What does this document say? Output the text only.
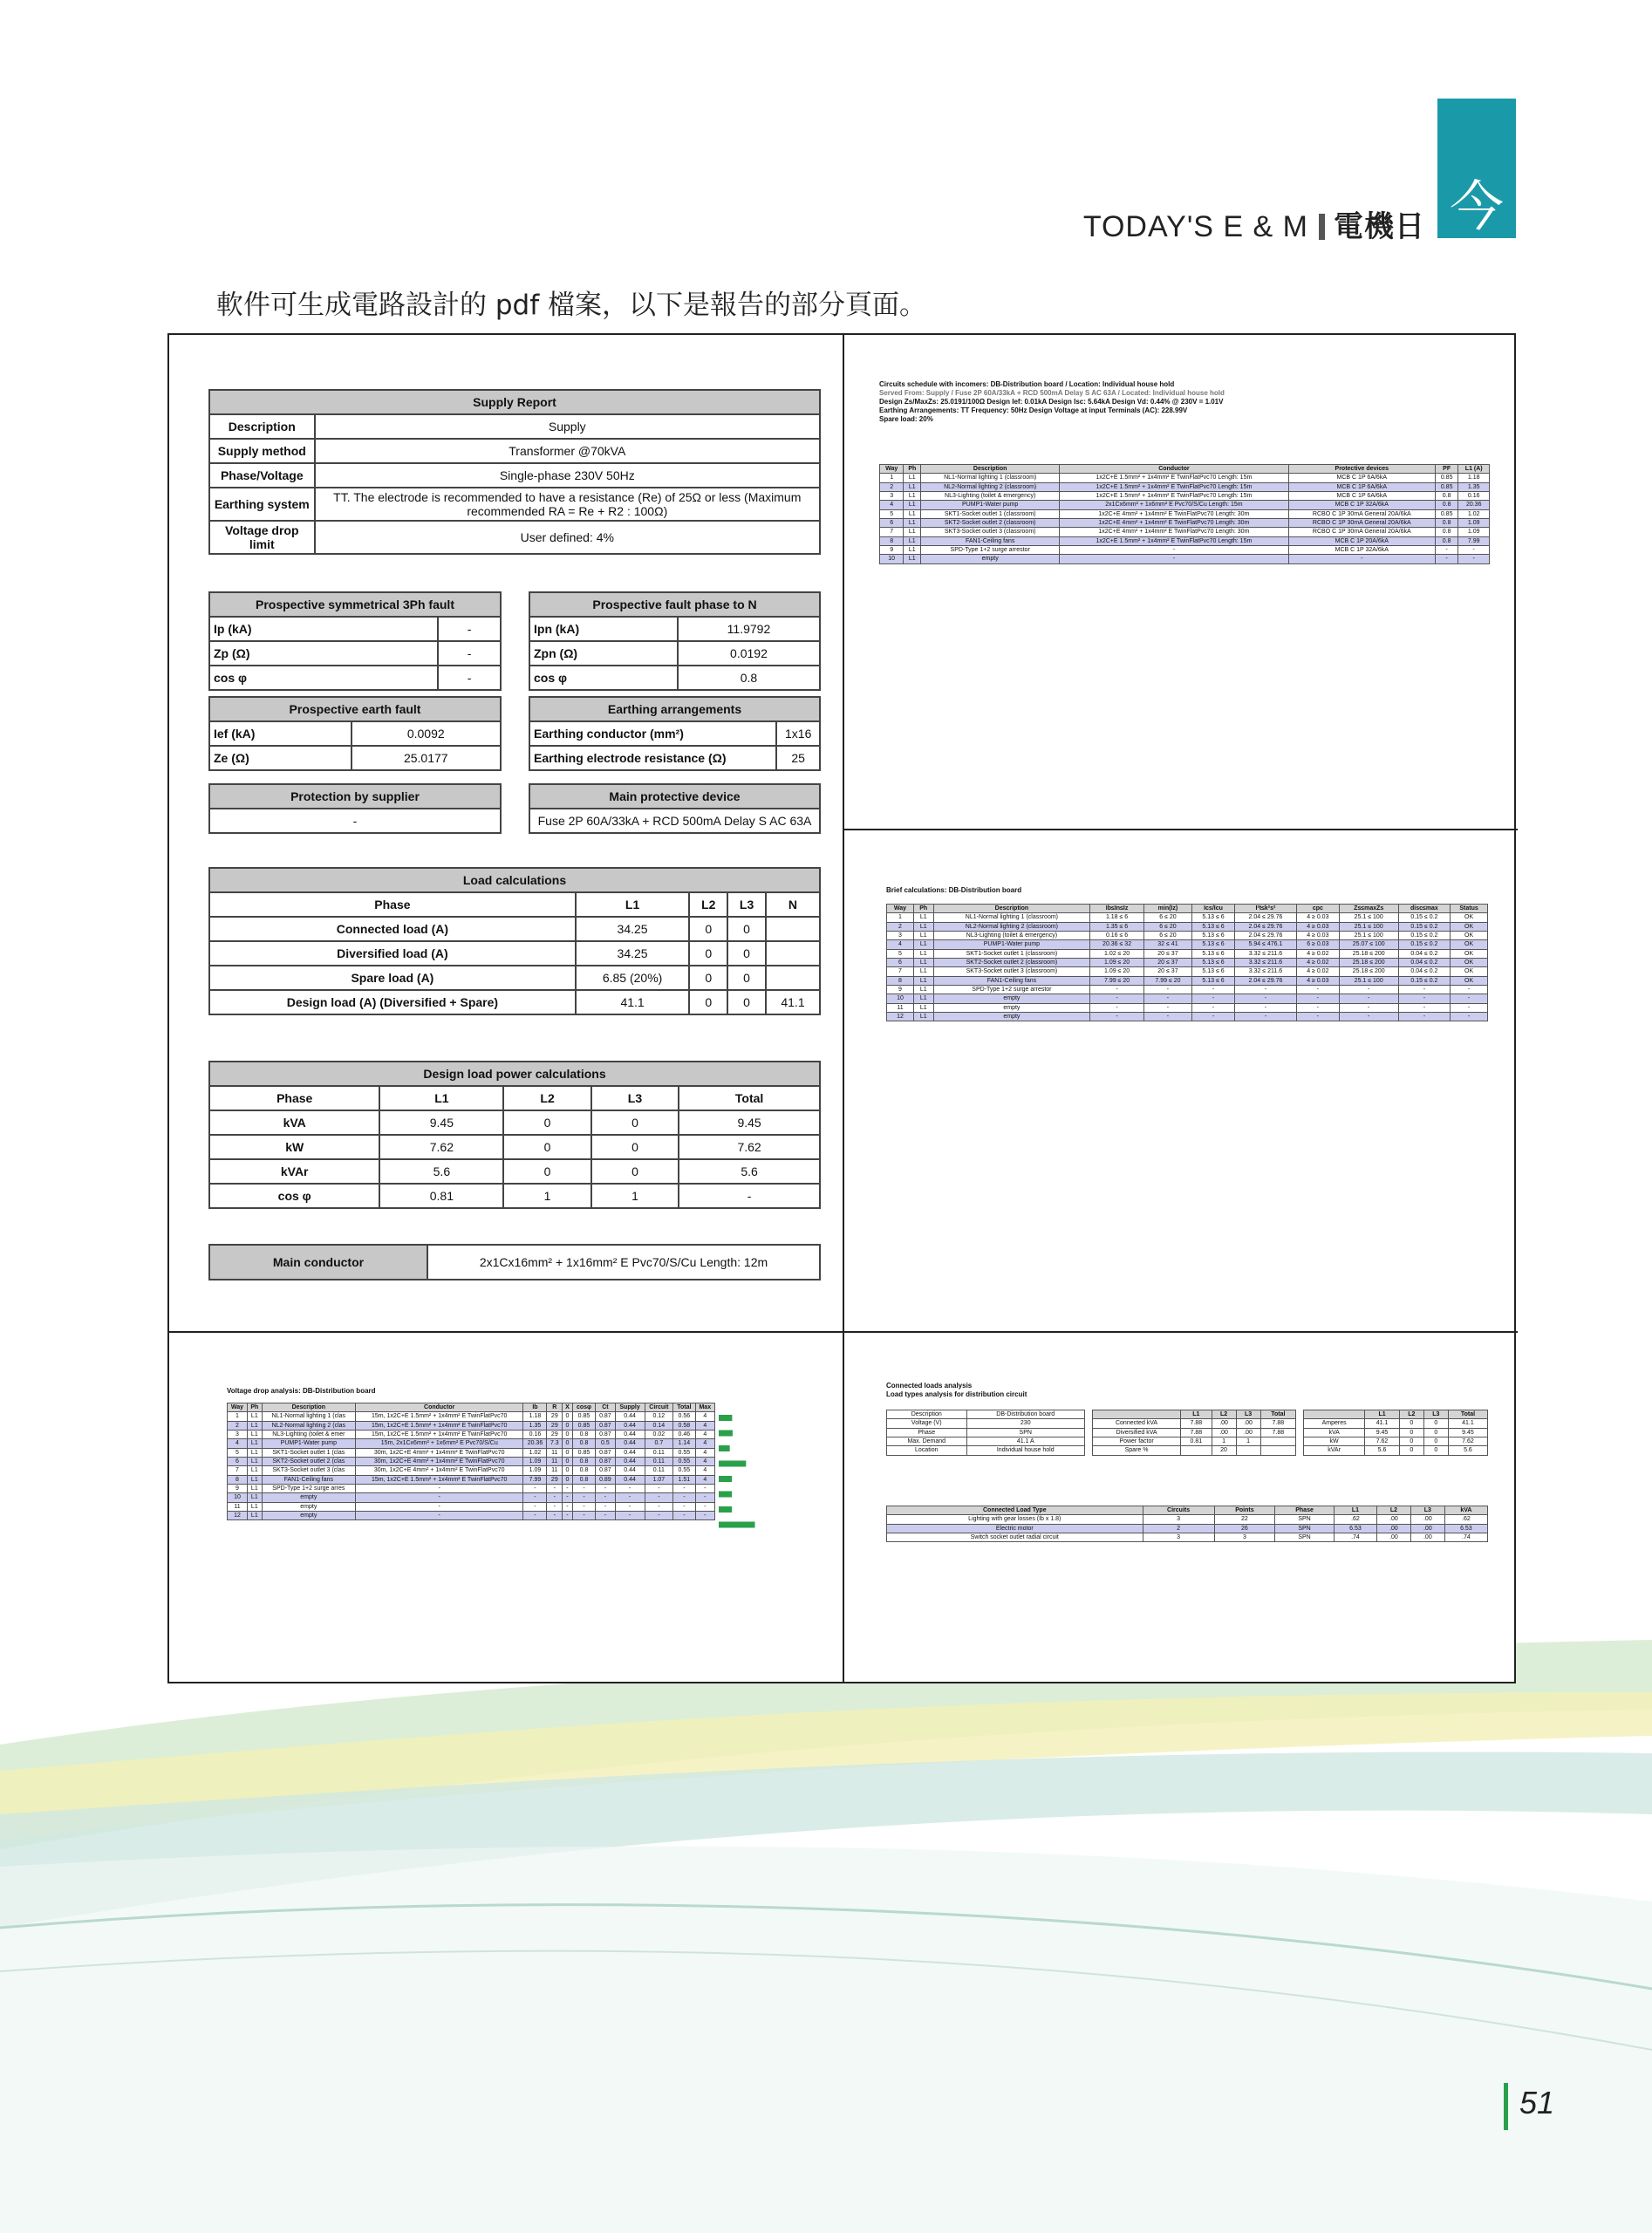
今
TODAY'S E & M 電機日
軟件可生成電路設計的 pdf 檔案，以下是報告的部分頁面。
Supply Report	
Description	Supply
Supply method	Transformer @70kVA
Phase/Voltage	Single-phase 230V 50Hz
Earthing system	TT. The electrode is recommended to have a resistance (Re) of 25Ω or less (Maximum recommended RA = Re + R2 : 100Ω)
Voltage drop limit	User defined: 4%
Prospective symmetrical 3Ph fault	
Ip (kA)	-
Zp (Ω)	-
cos φ	-
Prospective fault phase to N	
Ipn (kA)	11.9792
Zpn (Ω)	0.0192
cos φ	0.8
Prospective earth fault	
Ief (kA)	0.0092
Ze (Ω)	25.0177
Earthing arrangements	
Earthing conductor (mm²)	1x16
Earthing electrode resistance (Ω)	25
Protection by supplier
-
Main protective device
Fuse 2P 60A/33kA + RCD 500mA Delay S AC 63A
Load calculations				
Phase	L1	L2	L3	N
Connected load (A)	34.25	0	0	
Diversified load (A)	34.25	0	0	
Spare load (A)	6.85 (20%)	0	0	
Design load (A) (Diversified + Spare)	41.1	0	0	41.1
Design load power calculations				
Phase	L1	L2	L3	Total
kVA	9.45	0	0	9.45
kW	7.62	0	0	7.62
kVAr	5.6	0	0	5.6
cos φ	0.81	1	1	-
Main conductor	2x1Cx16mm² + 1x16mm² E Pvc70/S/Cu Length: 12m
Circuits schedule with incomers: DB-Distribution board / Location: Individual house hold
Served From: Supply / Fuse 2P 60A/33kA + RCD 500mA Delay S AC 63A / Located: Individual house hold
Design Zs/MaxZs: 25.0191/100Ω Design Ief: 0.01kA Design Isc: 5.64kA Design Vd: 0.44% @ 230V = 1.01V
Earthing Arrangements: TT Frequency: 50Hz Design Voltage at input Terminals (AC): 228.99V
Spare load: 20%
Way	Ph	Description	Conductor	Protective devices	PF	L1 (A)
1	L1	NL1-Normal lighting 1 (classroom)	1x2C+E 1.5mm² + 1x4mm² E TwinFlatPvc70 Length: 15m	MCB C 1P 6A/6kA	0.85	1.18
2	L1	NL2-Normal lighting 2 (classroom)	1x2C+E 1.5mm² + 1x4mm² E TwinFlatPvc70 Length: 15m	MCB C 1P 6A/6kA	0.85	1.35
3	L1	NL3-Lighting (toilet & emergency)	1x2C+E 1.5mm² + 1x4mm² E TwinFlatPvc70 Length: 15m	MCB C 1P 6A/6kA	0.8	0.16
4	L1	PUMP1-Water pump	2x1Cx6mm² + 1x6mm² E Pvc70/S/Cu Length: 15m	MCB C 1P 32A/6kA	0.8	20.36
5	L1	SKT1-Socket outlet 1 (classroom)	1x2C+E 4mm² + 1x4mm² E TwinFlatPvc70 Length: 30m	RCBO C 1P 30mA General 20A/6kA	0.85	1.02
6	L1	SKT2-Socket outlet 2 (classroom)	1x2C+E 4mm² + 1x4mm² E TwinFlatPvc70 Length: 30m	RCBO C 1P 30mA General 20A/6kA	0.8	1.09
7	L1	SKT3-Socket outlet 3 (classroom)	1x2C+E 4mm² + 1x4mm² E TwinFlatPvc70 Length: 30m	RCBO C 1P 30mA General 20A/6kA	0.8	1.09
8	L1	FAN1-Ceiling fans	1x2C+E 1.5mm² + 1x4mm² E TwinFlatPvc70 Length: 15m	MCB C 1P 20A/6kA	0.8	7.99
9	L1	SPD-Type 1+2 surge arrestor	-	MCB C 1P 32A/6kA	-	-
10	L1	empty	-	-	-	-
Brief calculations: DB-Distribution board
Way	Ph	Description	Ib≤In≤Iz	min(Iz)	Ics/Icu	I²t≤k²s²	cpc	Zs≤maxZs	disc≤max	Status
1	L1	NL1-Normal lighting 1 (classroom)	1.18 ≤ 6	6 ≤ 20	5.13 ≤ 6	2.04 ≤ 29.76	4 ≥ 0.03	25.1 ≤ 100	0.15 ≤ 0.2	OK
2	L1	NL2-Normal lighting 2 (classroom)	1.35 ≤ 6	6 ≤ 20	5.13 ≤ 6	2.04 ≤ 29.76	4 ≥ 0.03	25.1 ≤ 100	0.15 ≤ 0.2	OK
3	L1	NL3-Lighting (toilet & emergency)	0.16 ≤ 6	6 ≤ 20	5.13 ≤ 6	2.04 ≤ 29.76	4 ≥ 0.03	25.1 ≤ 100	0.15 ≤ 0.2	OK
4	L1	PUMP1-Water pump	20.36 ≤ 32	32 ≤ 41	5.13 ≤ 6	5.94 ≤ 476.1	6 ≥ 0.03	25.07 ≤ 100	0.15 ≤ 0.2	OK
5	L1	SKT1-Socket outlet 1 (classroom)	1.02 ≤ 20	20 ≤ 37	5.13 ≤ 6	3.32 ≤ 211.6	4 ≥ 0.02	25.18 ≤ 200	0.04 ≤ 0.2	OK
6	L1	SKT2-Socket outlet 2 (classroom)	1.09 ≤ 20	20 ≤ 37	5.13 ≤ 6	3.32 ≤ 211.6	4 ≥ 0.02	25.18 ≤ 200	0.04 ≤ 0.2	OK
7	L1	SKT3-Socket outlet 3 (classroom)	1.09 ≤ 20	20 ≤ 37	5.13 ≤ 6	3.32 ≤ 211.6	4 ≥ 0.02	25.18 ≤ 200	0.04 ≤ 0.2	OK
8	L1	FAN1-Ceiling fans	7.99 ≤ 20	7.99 ≤ 20	5.13 ≤ 6	2.04 ≤ 29.76	4 ≥ 0.03	25.1 ≤ 100	0.15 ≤ 0.2	OK
9	L1	SPD-Type 1+2 surge arrestor	-	-	-	-	-	-	-	-
10	L1	empty	-	-	-	-	-	-	-	-
11	L1	empty	-	-	-	-	-	-	-	-
12	L1	empty	-	-	-	-	-	-	-	-
Voltage drop analysis: DB-Distribution board
Way	Ph	Description	Conductor	Ib	R	X	cosφ	Ct	Supply	Circuit	Total	Max
1	L1	NL1-Normal lighting 1 (clas	15m, 1x2C+E 1.5mm² + 1x4mm² E TwinFlatPvc70	1.18	29	0	0.85	0.87	0.44	0.12	0.56	4
2	L1	NL2-Normal lighting 2 (clas	15m, 1x2C+E 1.5mm² + 1x4mm² E TwinFlatPvc70	1.35	29	0	0.85	0.87	0.44	0.14	0.58	4
3	L1	NL3-Lighting (toilet & emer	15m, 1x2C+E 1.5mm² + 1x4mm² E TwinFlatPvc70	0.16	29	0	0.8	0.87	0.44	0.02	0.46	4
4	L1	PUMP1-Water pump	15m, 2x1Cx6mm² + 1x6mm² E Pvc70/S/Cu	20.36	7.3	0	0.8	0.5	0.44	0.7	1.14	4
5	L1	SKT1-Socket outlet 1 (clas	30m, 1x2C+E 4mm² + 1x4mm² E TwinFlatPvc70	1.02	11	0	0.85	0.87	0.44	0.11	0.55	4
6	L1	SKT2-Socket outlet 2 (clas	30m, 1x2C+E 4mm² + 1x4mm² E TwinFlatPvc70	1.09	11	0	0.8	0.87	0.44	0.11	0.55	4
7	L1	SKT3-Socket outlet 3 (clas	30m, 1x2C+E 4mm² + 1x4mm² E TwinFlatPvc70	1.09	11	0	0.8	0.87	0.44	0.11	0.55	4
8	L1	FAN1-Ceiling fans	15m, 1x2C+E 1.5mm² + 1x4mm² E TwinFlatPvc70	7.99	29	0	0.8	0.89	0.44	1.07	1.51	4
9	L1	SPD-Type 1+2 surge arres	-	-	-	-	-	-	-	-	-	-
10	L1	empty	-	-	-	-	-	-	-	-	-	-
11	L1	empty	-	-	-	-	-	-	-	-	-	-
12	L1	empty	-	-	-	-	-	-	-	-	-	-
Connected loads analysis
Load types analysis for distribution circuit
Description	DB-Distribution board
Voltage (V)	230
Phase	SPN
Max. Demand	41.1 A
Location	Individual house hold
	L1	L2	L3	Total
Connected kVA	7.88	.00	.00	7.88
Diversified kVA	7.88	.00	.00	7.88
Power factor	0.81	1	1	
Spare %		20		
	L1	L2	L3	Total
Amperes	41.1	0	0	41.1
kVA	9.45	0	0	9.45
kW	7.62	0	0	7.62
kVAr	5.6	0	0	5.6
Connected Load Type	Circuits	Points	Phase	L1	L2	L3	kVA
Lighting with gear losses (Ib x 1.8)	3	22	SPN	.62	.00	.00	.62
Electric motor	2	26	SPN	6.53	.00	.00	6.53
Switch socket outlet radial circuit	3	3	SPN	.74	.00	.00	.74
51
